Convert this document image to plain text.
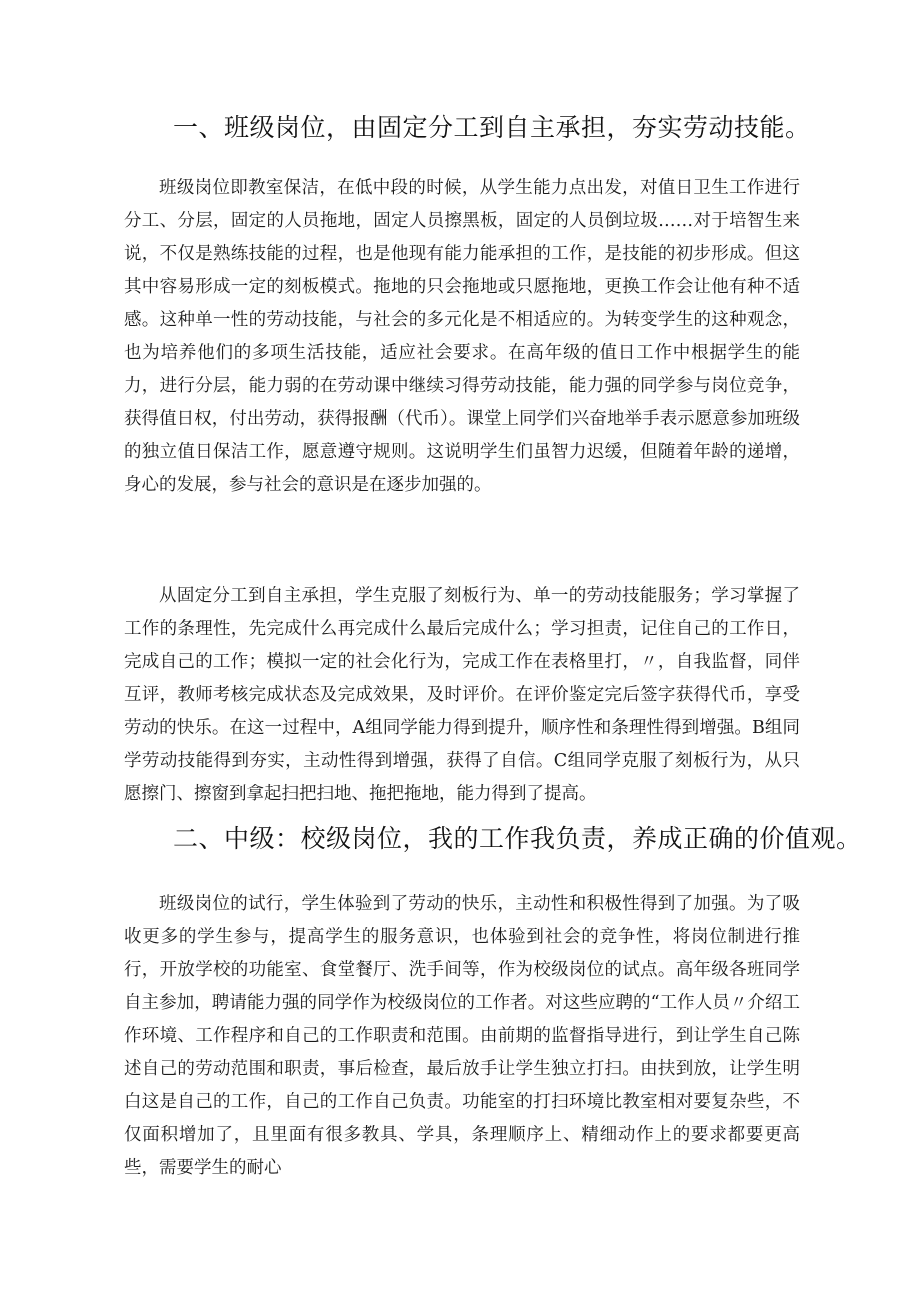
一、班级岗位，由固定分工到自主承担，夯实劳动技能。

班级岗位即教室保洁，在低中段的时候，从学生能力点出发，对值日卫生工作进行分工、分层，固定的人员拖地，固定人员擦黑板，固定的人员倒垃圾……对于培智生来说，不仅是熟练技能的过程，也是他现有能力能承担的工作，是技能的初步形成。但这其中容易形成一定的刻板模式。拖地的只会拖地或只愿拖地，更换工作会让他有种不适感。这种单一性的劳动技能，与社会的多元化是不相适应的。为转变学生的这种观念，也为培养他们的多项生活技能，适应社会要求。在高年级的值日工作中根据学生的能力，进行分层，能力弱的在劳动课中继续习得劳动技能，能力强的同学参与岗位竞争，获得值日权，付出劳动，获得报酬（代币）。课堂上同学们兴奋地举手表示愿意参加班级的独立值日保洁工作，愿意遵守规则。这说明学生们虽智力迟缓，但随着年龄的递增，身心的发展，参与社会的意识是在逐步加强的。

从固定分工到自主承担，学生克服了刻板行为、单一的劳动技能服务；学习掌握了工作的条理性，先完成什么再完成什么最后完成什么；学习担责，记住自己的工作日，完成自己的工作；模拟一定的社会化行为，完成工作在表格里打，〃，自我监督，同伴互评，教师考核完成状态及完成效果，及时评价。在评价鉴定完后签字获得代币，享受劳动的快乐。在这一过程中，A组同学能力得到提升，顺序性和条理性得到增强。B组同学劳动技能得到夯实，主动性得到增强，获得了自信。C组同学克服了刻板行为，从只愿擦门、擦窗到拿起扫把扫地、拖把拖地，能力得到了提高。

二、中级：校级岗位，我的工作我负责，养成正确的价值观。

班级岗位的试行，学生体验到了劳动的快乐，主动性和积极性得到了加强。为了吸收更多的学生参与，提高学生的服务意识，也体验到社会的竞争性，将岗位制进行推行，开放学校的功能室、食堂餐厅、洗手间等，作为校级岗位的试点。高年级各班同学自主参加，聘请能力强的同学作为校级岗位的工作者。对这些应聘的“工作人员〃介绍工作环境、工作程序和自己的工作职责和范围。由前期的监督指导进行，到让学生自己陈述自己的劳动范围和职责，事后检查，最后放手让学生独立打扫。由扶到放，让学生明白这是自己的工作，自己的工作自己负责。功能室的打扫环境比教室相对要复杂些，不仅面积增加了，且里面有很多教具、学具，条理顺序上、精细动作上的要求都要更高些，需要学生的耐心
